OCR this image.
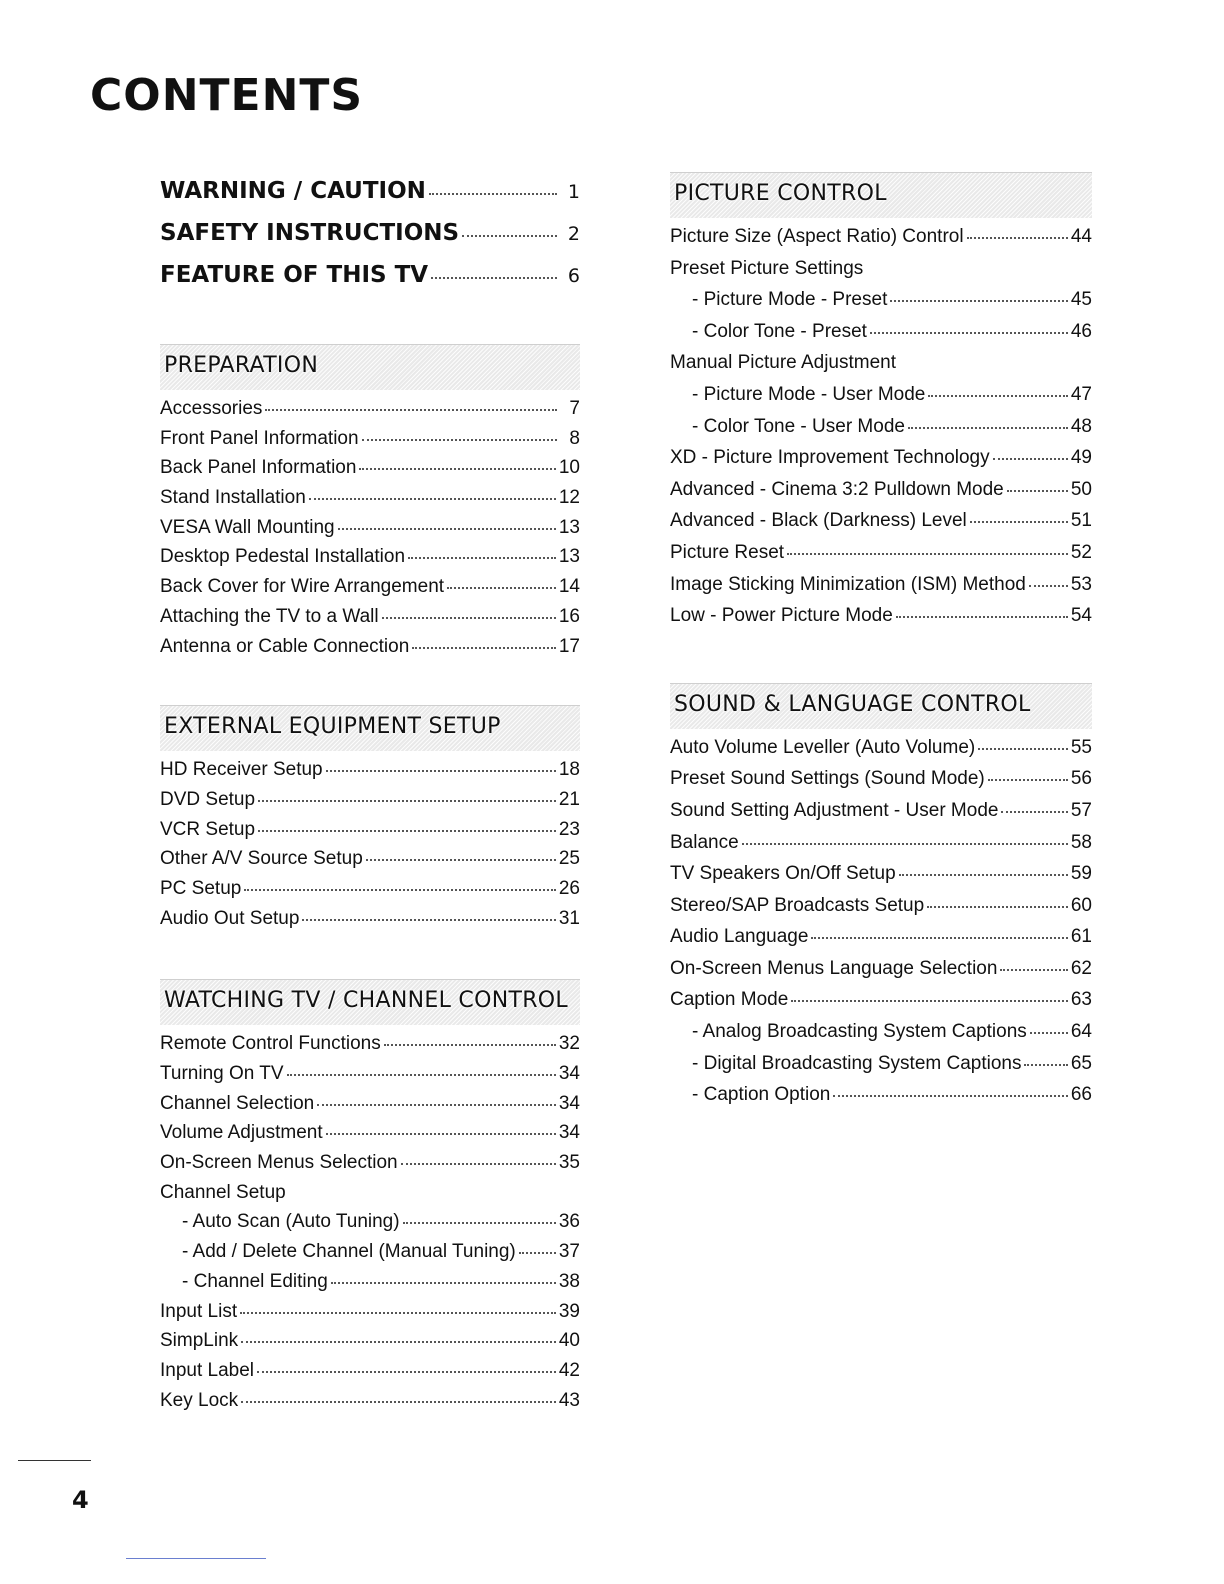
CONTENTS
WARNING / CAUTION	1
SAFETY INSTRUCTIONS	2
FEATURE OF THIS TV	6
PREPARATION
Accessories	7
Front Panel Information	8
Back Panel Information	10
Stand Installation	12
VESA Wall Mounting	13
Desktop Pedestal Installation	13
Back Cover for Wire Arrangement	14
Attaching the TV to a Wall	16
Antenna or Cable Connection	17
EXTERNAL EQUIPMENT SETUP
HD Receiver Setup	18
DVD Setup	21
VCR Setup	23
Other A/V Source Setup	25
PC Setup	26
Audio Out Setup	31
WATCHING TV / CHANNEL CONTROL
Remote Control Functions	32
Turning On TV	34
Channel Selection	34
Volume Adjustment	34
On-Screen Menus Selection	35
Channel Setup
- Auto Scan (Auto Tuning)	36
- Add / Delete Channel (Manual Tuning) 37
- Channel Editing	38
Input List	39
SimpLink	40
Input Label	42
Key Lock	43
PICTURE CONTROL
Picture Size (Aspect Ratio) Control	44
Preset Picture Settings
- Picture Mode - Preset	45
- Color Tone - Preset	46
Manual Picture Adjustment
- Picture Mode - User Mode	47
- Color Tone - User Mode	48
XD - Picture Improvement Technology	49
Advanced - Cinema 3:2 Pulldown Mode	50
Advanced - Black (Darkness) Level	51
Picture Reset	52
Image Sticking Minimization (ISM) Method 53
Low - Power Picture Mode	54
SOUND & LANGUAGE CONTROL
Auto Volume Leveller (Auto Volume)	55
Preset Sound Settings (Sound Mode)	56
Sound Setting Adjustment - User Mode	57
Balance	58
TV Speakers On/Off Setup	59
Stereo/SAP Broadcasts Setup	60
Audio Language	61
On-Screen Menus Language Selection	62
Caption Mode	63
- Analog Broadcasting System Captions 64
- Digital Broadcasting System Captions	65
- Caption Option	66
4
